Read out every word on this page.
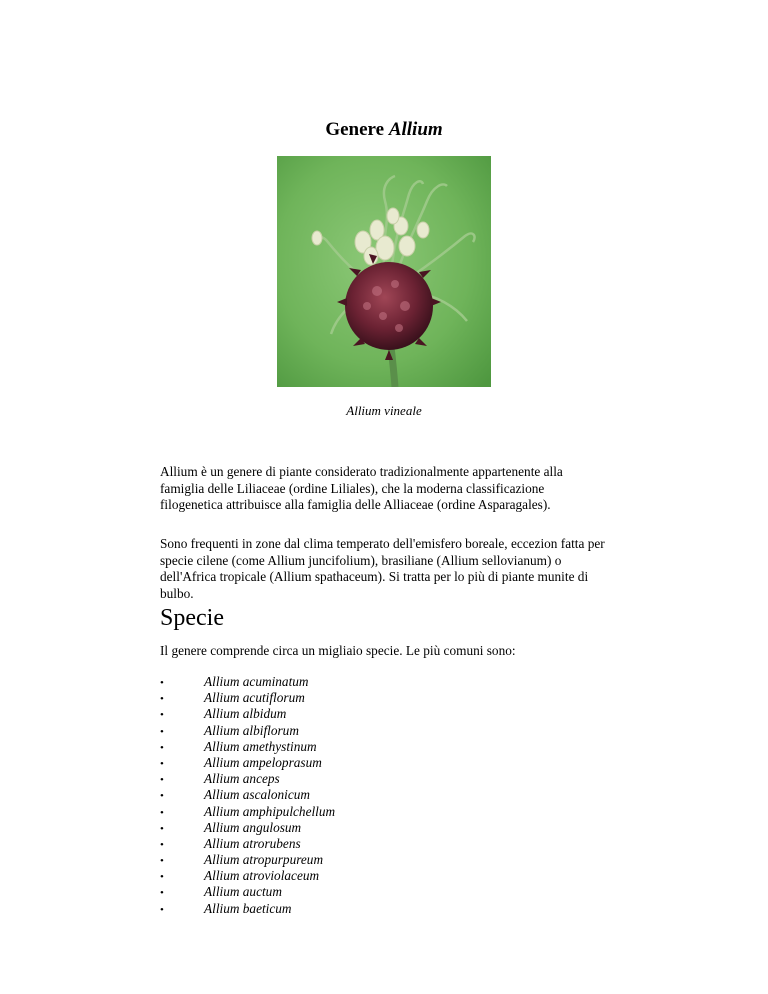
Genere Allium
Allium vineale

Allium è un genere di piante considerato tradizionalmente appartenente alla famiglia delle Liliaceae (ordine Liliales), che la moderna classificazione filogenetica attribuisce alla famiglia delle Alliaceae (ordine Asparagales).

Sono frequenti in zone dal clima temperato dell'emisfero boreale, eccezion fatta per specie cilene (come Allium juncifolium), brasiliane (Allium sellovianum) o dell'Africa tropicale (Allium spathaceum). Si tratta per lo più di piante munite di bulbo.

Specie

Il genere comprende circa un migliaio specie. Le più comuni sono:

•	Allium acuminatum
•	Allium acutiflorum
•	Allium albidum
•	Allium albiflorum
•	Allium amethystinum
•	Allium ampeloprasum
•	Allium anceps
•	Allium ascalonicum
•	Allium amphipulchellum
•	Allium angulosum
•	Allium atrorubens
•	Allium atropurpureum
•	Allium atroviolaceum
•	Allium auctum
•	Allium baeticum
